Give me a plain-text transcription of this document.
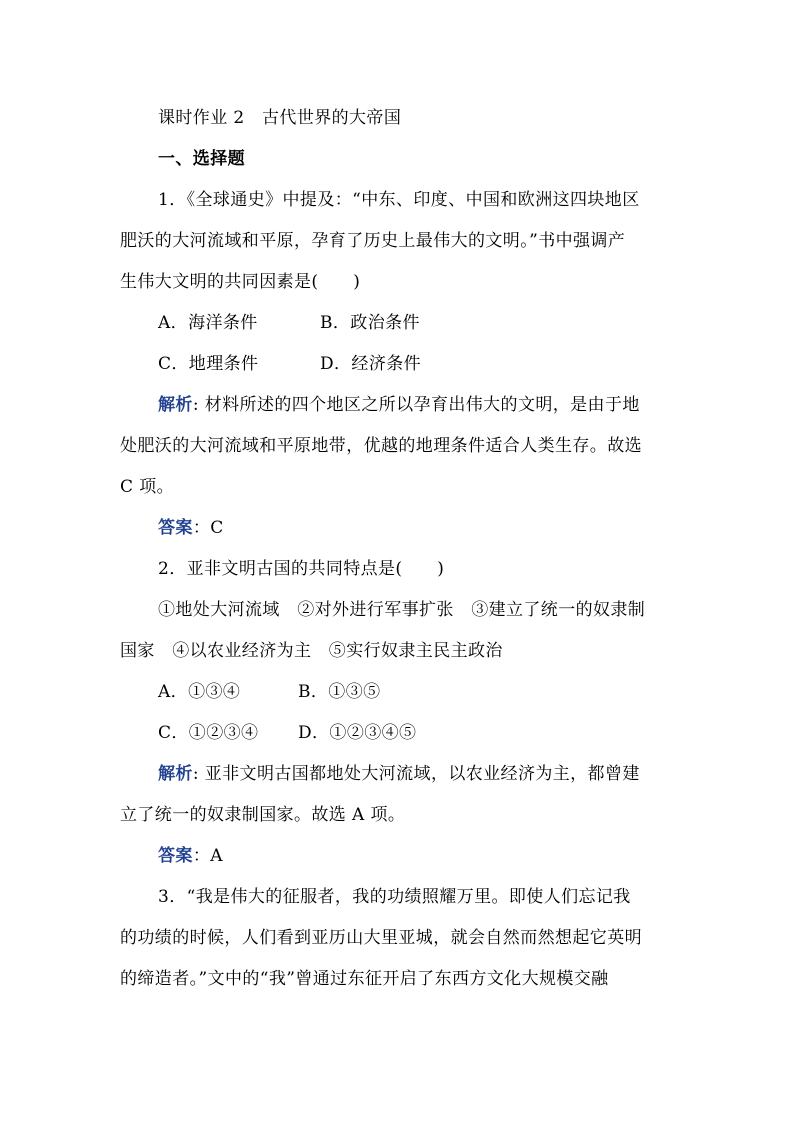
课时作业 2　古代世界的大帝国
一、选择题
1．《全球通史》中提及：“中东、印度、中国和欧洲这四块地区
肥沃的大河流域和平原，孕育了历史上最伟大的文明。”书中强调产
生伟大文明的共同因素是(　　)
A．海洋条件	B．政治条件
C．地理条件	D．经济条件
解析: 材料所述的四个地区之所以孕育出伟大的文明，是由于地
处肥沃的大河流域和平原地带，优越的地理条件适合人类生存。故选
C 项。
答案：C
2．亚非文明古国的共同特点是(　　)
①地处大河流域　②对外进行军事扩张　③建立了统一的奴隶制
国家　④以农业经济为主　⑤实行奴隶主民主政治
A．①③④	B．①③⑤
C．①②③④ D．①②③④⑤
解析: 亚非文明古国都地处大河流域，以农业经济为主，都曾建
立了统一的奴隶制国家。故选 A 项。
答案：A
3．“我是伟大的征服者，我的功绩照耀万里。即使人们忘记我
的功绩的时候，人们看到亚历山大里亚城，就会自然而然想起它英明
的缔造者。”文中的“我”曾通过东征开启了东西方文化大规模交融
